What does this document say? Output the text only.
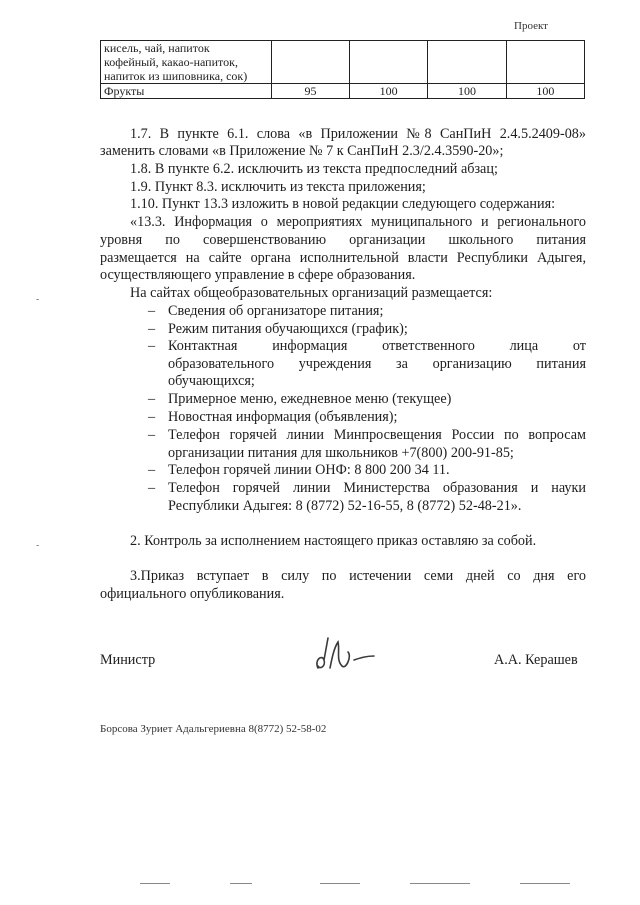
Проект
кисель, чай, напиток
кофейный, какао-напиток,
напиток из шиповника, сок)				

Фрукты	95	100	100	100
1.7. В пункте 6.1. слова «в Приложении №8 СанПиН 2.4.5.2409-08»
заменить словами «в Приложение № 7 к СанПиН 2.3/2.4.3590-20»;
1.8. В пункте 6.2. исключить из текста предпоследний абзац;
1.9. Пункт 8.3. исключить из текста приложения;
1.10. Пункт 13.3 изложить в новой редакции следующего содержания:
«13.3. Информация о мероприятиях муниципального и регионального
уровня по совершенствованию организации школьного питания
размещается на сайте органа исполнительной власти Республики Адыгея,
осуществляющего управление в сфере образования.
На сайтах общеобразовательных организаций размещается:
– Сведения об организаторе питания;
– Режим питания обучающихся (график);
– Контактная информация ответственного лица от
образовательного учреждения за организацию питания
обучающихся;
– Примерное меню, ежедневное меню (текущее)
– Новостная информация (объявления);
– Телефон горячей линии Минпросвещения России по вопросам
организации питания для школьников +7(800) 200-91-85;
– Телефон горячей линии ОНФ: 8 800 200 34 11.
– Телефон горячей линии Министерства образования и науки
Республики Адыгея: 8 (8772) 52-16-55, 8 (8772) 52-48-21».
2. Контроль за исполнением настоящего приказ оставляю за собой.
3.Приказ вступает в силу по истечении семи дней со дня его
официального опубликования.
Министр	А.А. Керашев
Борсова Зуриет Адальгериевна 8(8772) 52-58-02
-
-
